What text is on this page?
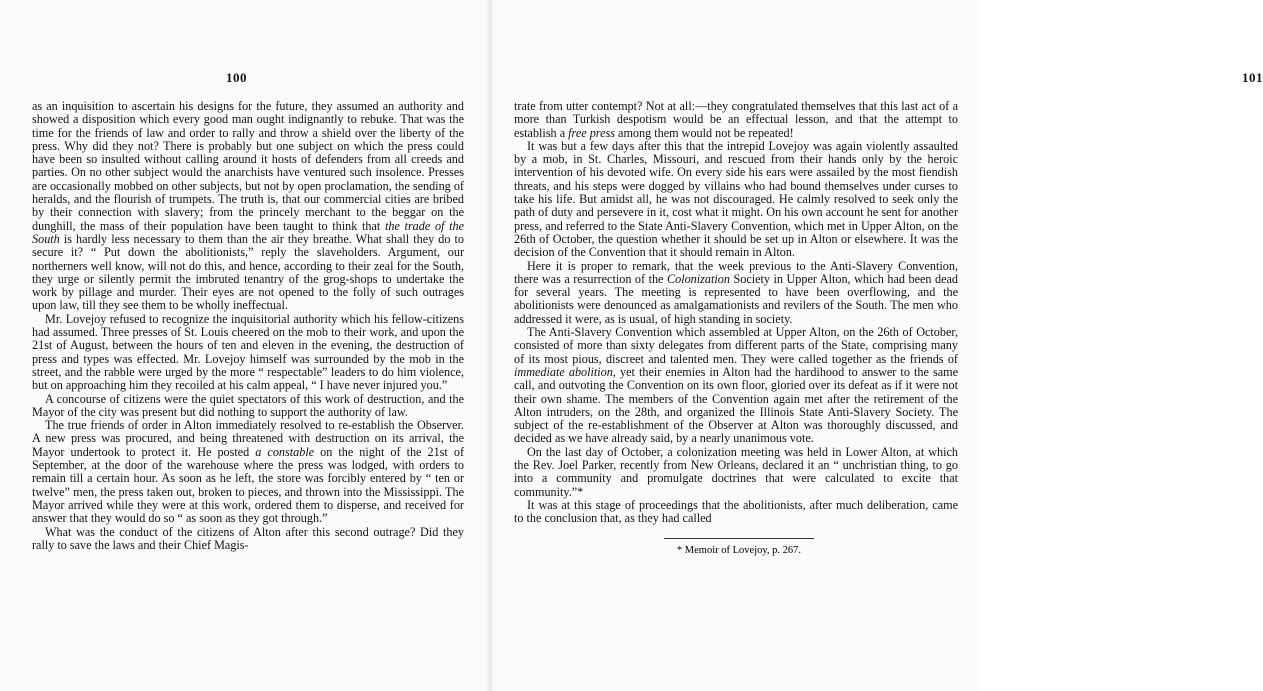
100

as an inquisition to ascertain his designs for the future, they assumed an authority and showed a disposition which every good man ought indignantly to rebuke. That was the time for the friends of law and order to rally and throw a shield over the liberty of the press. Why did they not? There is probably but one subject on which the press could have been so insulted without calling around it hosts of defenders from all creeds and parties. On no other subject would the anarchists have ventured such insolence. Presses are occasionally mobbed on other subjects, but not by open proclamation, the sending of heralds, and the flourish of trumpets. The truth is, that our commercial cities are bribed by their connection with slavery; from the princely merchant to the beggar on the dunghill, the mass of their population have been taught to think that the trade of the South is hardly less necessary to them than the air they breathe. What shall they do to secure it? “ Put down the abolitionists,” reply the slaveholders. Argument, our northerners well know, will not do this, and hence, according to their zeal for the South, they urge or silently permit the imbruted tenantry of the grog-shops to undertake the work by pillage and murder. Their eyes are not opened to the folly of such outrages upon law, till they see them to be wholly ineffectual.

Mr. Lovejoy refused to recognize the inquisitorial authority which his fellow-citizens had assumed. Three presses of St. Louis cheered on the mob to their work, and upon the 21st of August, between the hours of ten and eleven in the evening, the destruction of press and types was effected. Mr. Lovejoy himself was surrounded by the mob in the street, and the rabble were urged by the more “ respectable” leaders to do him violence, but on approaching him they recoiled at his calm appeal, “ I have never injured you.”

A concourse of citizens were the quiet spectators of this work of destruction, and the Mayor of the city was present but did nothing to support the authority of law.

The true friends of order in Alton immediately resolved to re-establish the Observer. A new press was procured, and being threatened with destruction on its arrival, the Mayor undertook to protect it. He posted a constable on the night of the 21st of September, at the door of the warehouse where the press was lodged, with orders to remain till a certain hour. As soon as he left, the store was forcibly entered by “ ten or twelve” men, the press taken out, broken to pieces, and thrown into the Mississippi. The Mayor arrived while they were at this work, ordered them to disperse, and received for answer that they would do so “ as soon as they got through.”

What was the conduct of the citizens of Alton after this second outrage? Did they rally to save the laws and their Chief Magis-

101

trate from utter contempt? Not at all:—they congratulated themselves that this last act of a more than Turkish despotism would be an effectual lesson, and that the attempt to establish a free press among them would not be repeated!

It was but a few days after this that the intrepid Lovejoy was again violently assaulted by a mob, in St. Charles, Missouri, and rescued from their hands only by the heroic intervention of his devoted wife. On every side his ears were assailed by the most fiendish threats, and his steps were dogged by villains who had bound themselves under curses to take his life. But amidst all, he was not discouraged. He calmly resolved to seek only the path of duty and persevere in it, cost what it might. On his own account he sent for another press, and referred to the State Anti-Slavery Convention, which met in Upper Alton, on the 26th of October, the question whether it should be set up in Alton or elsewhere. It was the decision of the Convention that it should remain in Alton.

Here it is proper to remark, that the week previous to the Anti-Slavery Convention, there was a resurrection of the Colonization Society in Upper Alton, which had been dead for several years. The meeting is represented to have been overflowing, and the abolitionists were denounced as amalgamationists and revilers of the South. The men who addressed it were, as is usual, of high standing in society.

The Anti-Slavery Convention which assembled at Upper Alton, on the 26th of October, consisted of more than sixty delegates from different parts of the State, comprising many of its most pious, discreet and talented men. They were called together as the friends of immediate abolition, yet their enemies in Alton had the hardihood to answer to the same call, and outvoting the Convention on its own floor, gloried over its defeat as if it were not their own shame. The members of the Convention again met after the retirement of the Alton intruders, on the 28th, and organized the Illinois State Anti-Slavery Society. The subject of the re-establishment of the Observer at Alton was thoroughly discussed, and decided as we have already said, by a nearly unanimous vote.

On the last day of October, a colonization meeting was held in Lower Alton, at which the Rev. Joel Parker, recently from New Orleans, declared it an “ unchristian thing, to go into a community and promulgate doctrines that were calculated to excite that community.”*

It was at this stage of proceedings that the abolitionists, after much deliberation, came to the conclusion that, as they had called

* Memoir of Lovejoy, p. 267.
